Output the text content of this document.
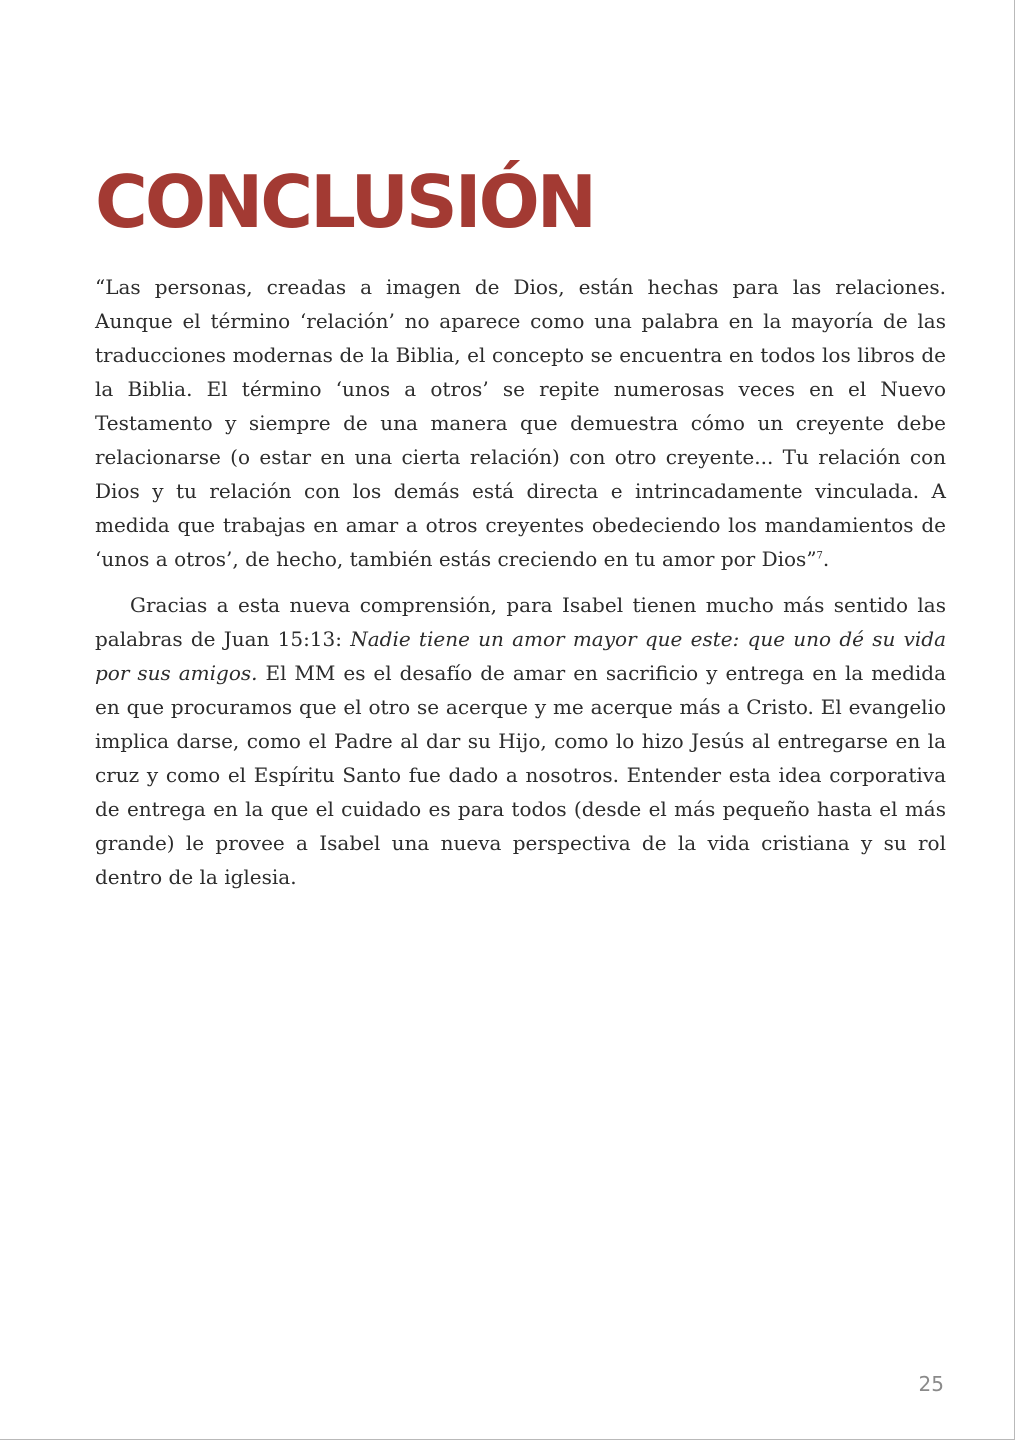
CONCLUSIÓN

“Las personas, creadas a imagen de Dios, están hechas para las relaciones. Aunque el término ‘relación’ no aparece como una palabra en la mayoría de las traducciones modernas de la Biblia, el concepto se encuentra en todos los libros de la Biblia. El término ‘unos a otros’ se repite numerosas veces en el Nuevo Testamento y siempre de una manera que demuestra cómo un creyente debe relacionarse (o estar en una cierta relación) con otro creyente... Tu relación con Dios y tu relación con los demás está directa e intrincadamente vinculada. A medida que trabajas en amar a otros creyentes obedeciendo los mandamientos de ‘unos a otros’, de hecho, también estás creciendo en tu amor por Dios”$^7$.

Gracias a esta nueva comprensión, para Isabel tienen mucho más sentido las palabras de Juan 15:13: Nadie tiene un amor mayor que este: que uno dé su vida por sus amigos. El MM es el desafío de amar en sacrificio y entrega en la medida en que procuramos que el otro se acerque y me acerque más a Cristo. El evangelio implica darse, como el Padre al dar su Hijo, como lo hizo Jesús al entregarse en la cruz y como el Espíritu Santo fue dado a nosotros. Entender esta idea corporativa de entrega en la que el cuidado es para todos (desde el más pequeño hasta el más grande) le provee a Isabel una nueva perspectiva de la vida cristiana y su rol dentro de la iglesia.

25
